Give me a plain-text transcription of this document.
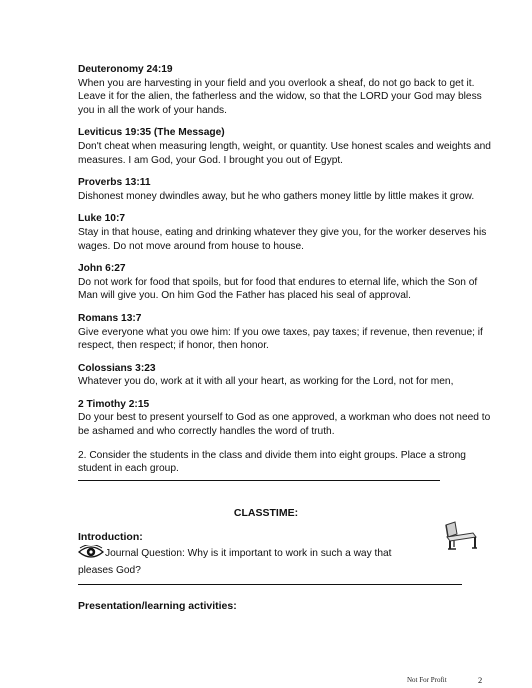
Deuteronomy 24:19
When you are harvesting in your field and you overlook a sheaf, do not go back to get it. Leave it for the alien, the fatherless and the widow, so that the LORD your God may bless you in all the work of your hands.
Leviticus 19:35 (The Message)
Don't cheat when measuring length, weight, or quantity. Use honest scales and weights and measures. I am God, your God. I brought you out of Egypt.
Proverbs 13:11
Dishonest money dwindles away, but he who gathers money little by little makes it grow.
Luke 10:7
Stay in that house, eating and drinking whatever they give you, for the worker deserves his wages. Do not move around from house to house.
John 6:27
Do not work for food that spoils, but for food that endures to eternal life, which the Son of Man will give you. On him God the Father has placed his seal of approval.
Romans 13:7
Give everyone what you owe him: If you owe taxes, pay taxes; if revenue, then revenue; if respect, then respect; if honor, then honor.
Colossians 3:23
Whatever you do, work at it with all your heart, as working for the Lord, not for men,
2 Timothy 2:15
Do your best to present yourself to God as one approved, a workman who does not need to be ashamed and who correctly handles the word of truth.
2. Consider the students in the class and divide them into eight groups. Place a strong student in each group.
CLASSTIME:
Introduction:
Journal Question: Why is it important to work in such a way that pleases God?
Presentation/learning activities:
Not For Profit	2
